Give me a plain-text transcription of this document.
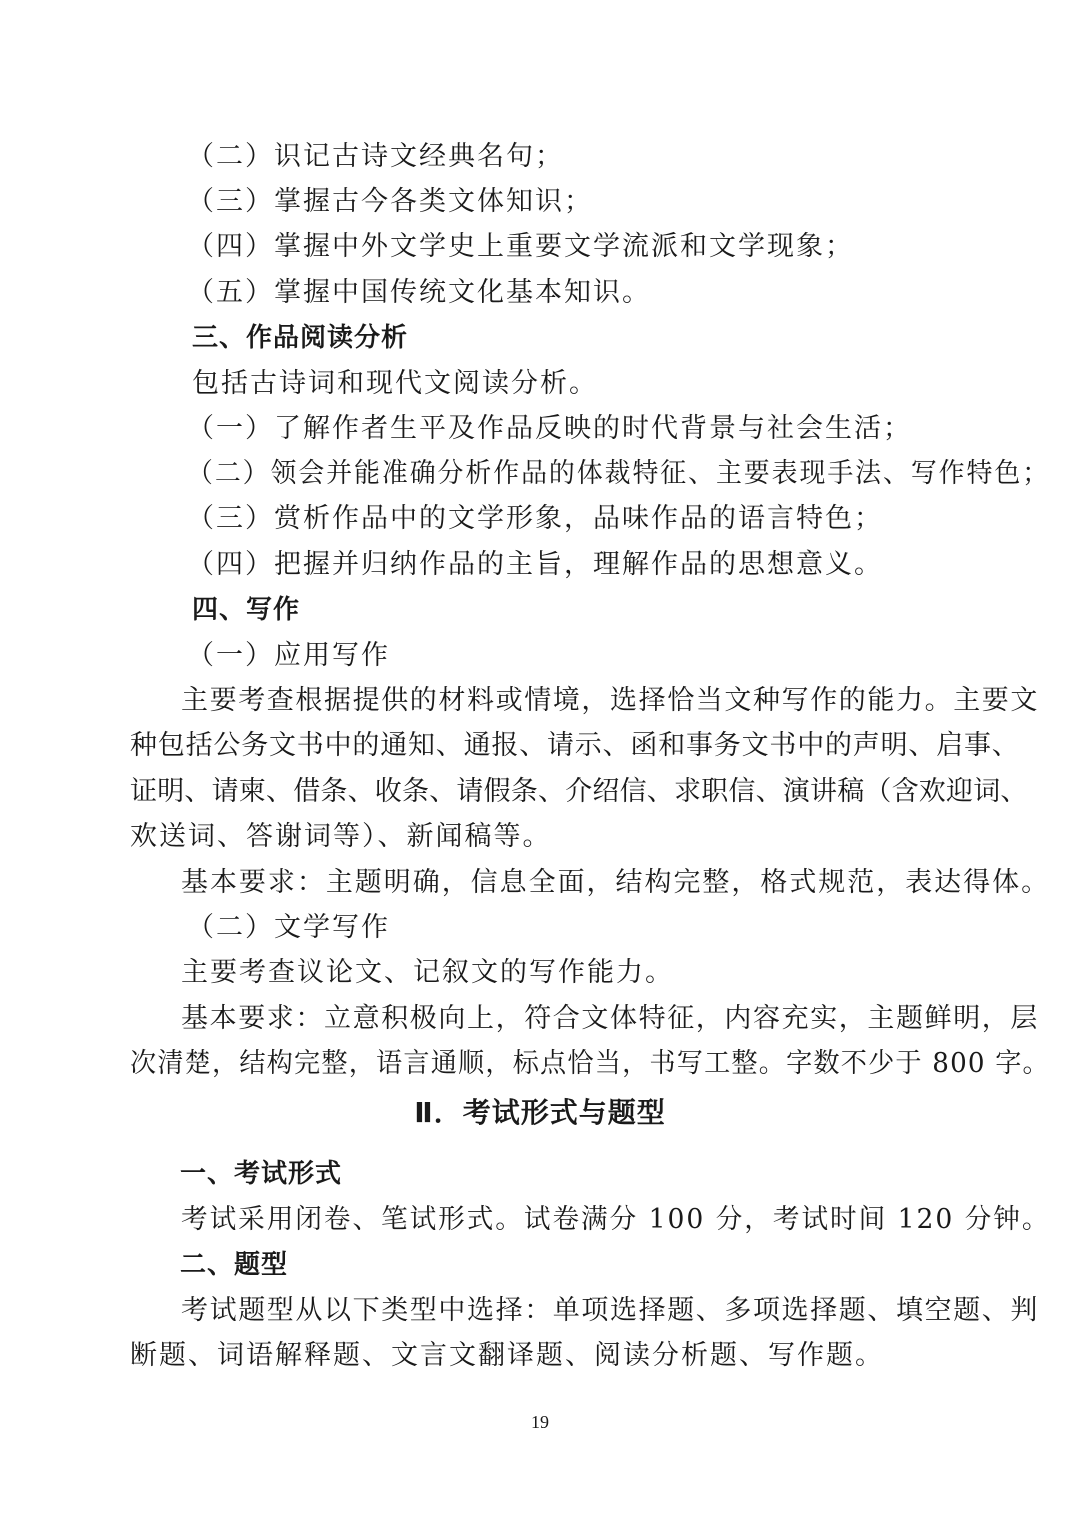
（二）识记古诗文经典名句；
（三）掌握古今各类文体知识；
（四）掌握中外文学史上重要文学流派和文学现象；
（五）掌握中国传统文化基本知识。
三、作品阅读分析
包括古诗词和现代文阅读分析。
（一）了解作者生平及作品反映的时代背景与社会生活；
（二）领会并能准确分析作品的体裁特征、主要表现手法、写作特色；
（三）赏析作品中的文学形象，品味作品的语言特色；
（四）把握并归纳作品的主旨，理解作品的思想意义。
四、写作
（一）应用写作
主要考查根据提供的材料或情境，选择恰当文种写作的能力。主要文
种包括公务文书中的通知、通报、请示、函和事务文书中的声明、启事、
证明、请柬、借条、收条、请假条、介绍信、求职信、演讲稿（含欢迎词、
欢送词、答谢词等）、新闻稿等。
基本要求：主题明确，信息全面，结构完整，格式规范，表达得体。
（二）文学写作
主要考查议论文、记叙文的写作能力。
基本要求：立意积极向上，符合文体特征，内容充实，主题鲜明，层
次清楚，结构完整，语言通顺，标点恰当，书写工整。字数不少于 800 字。
Ⅱ．考试形式与题型
一、考试形式
考试采用闭卷、笔试形式。试卷满分 100 分，考试时间 120 分钟。
二、题型
考试题型从以下类型中选择：单项选择题、多项选择题、填空题、判
断题、词语解释题、文言文翻译题、阅读分析题、写作题。
19
